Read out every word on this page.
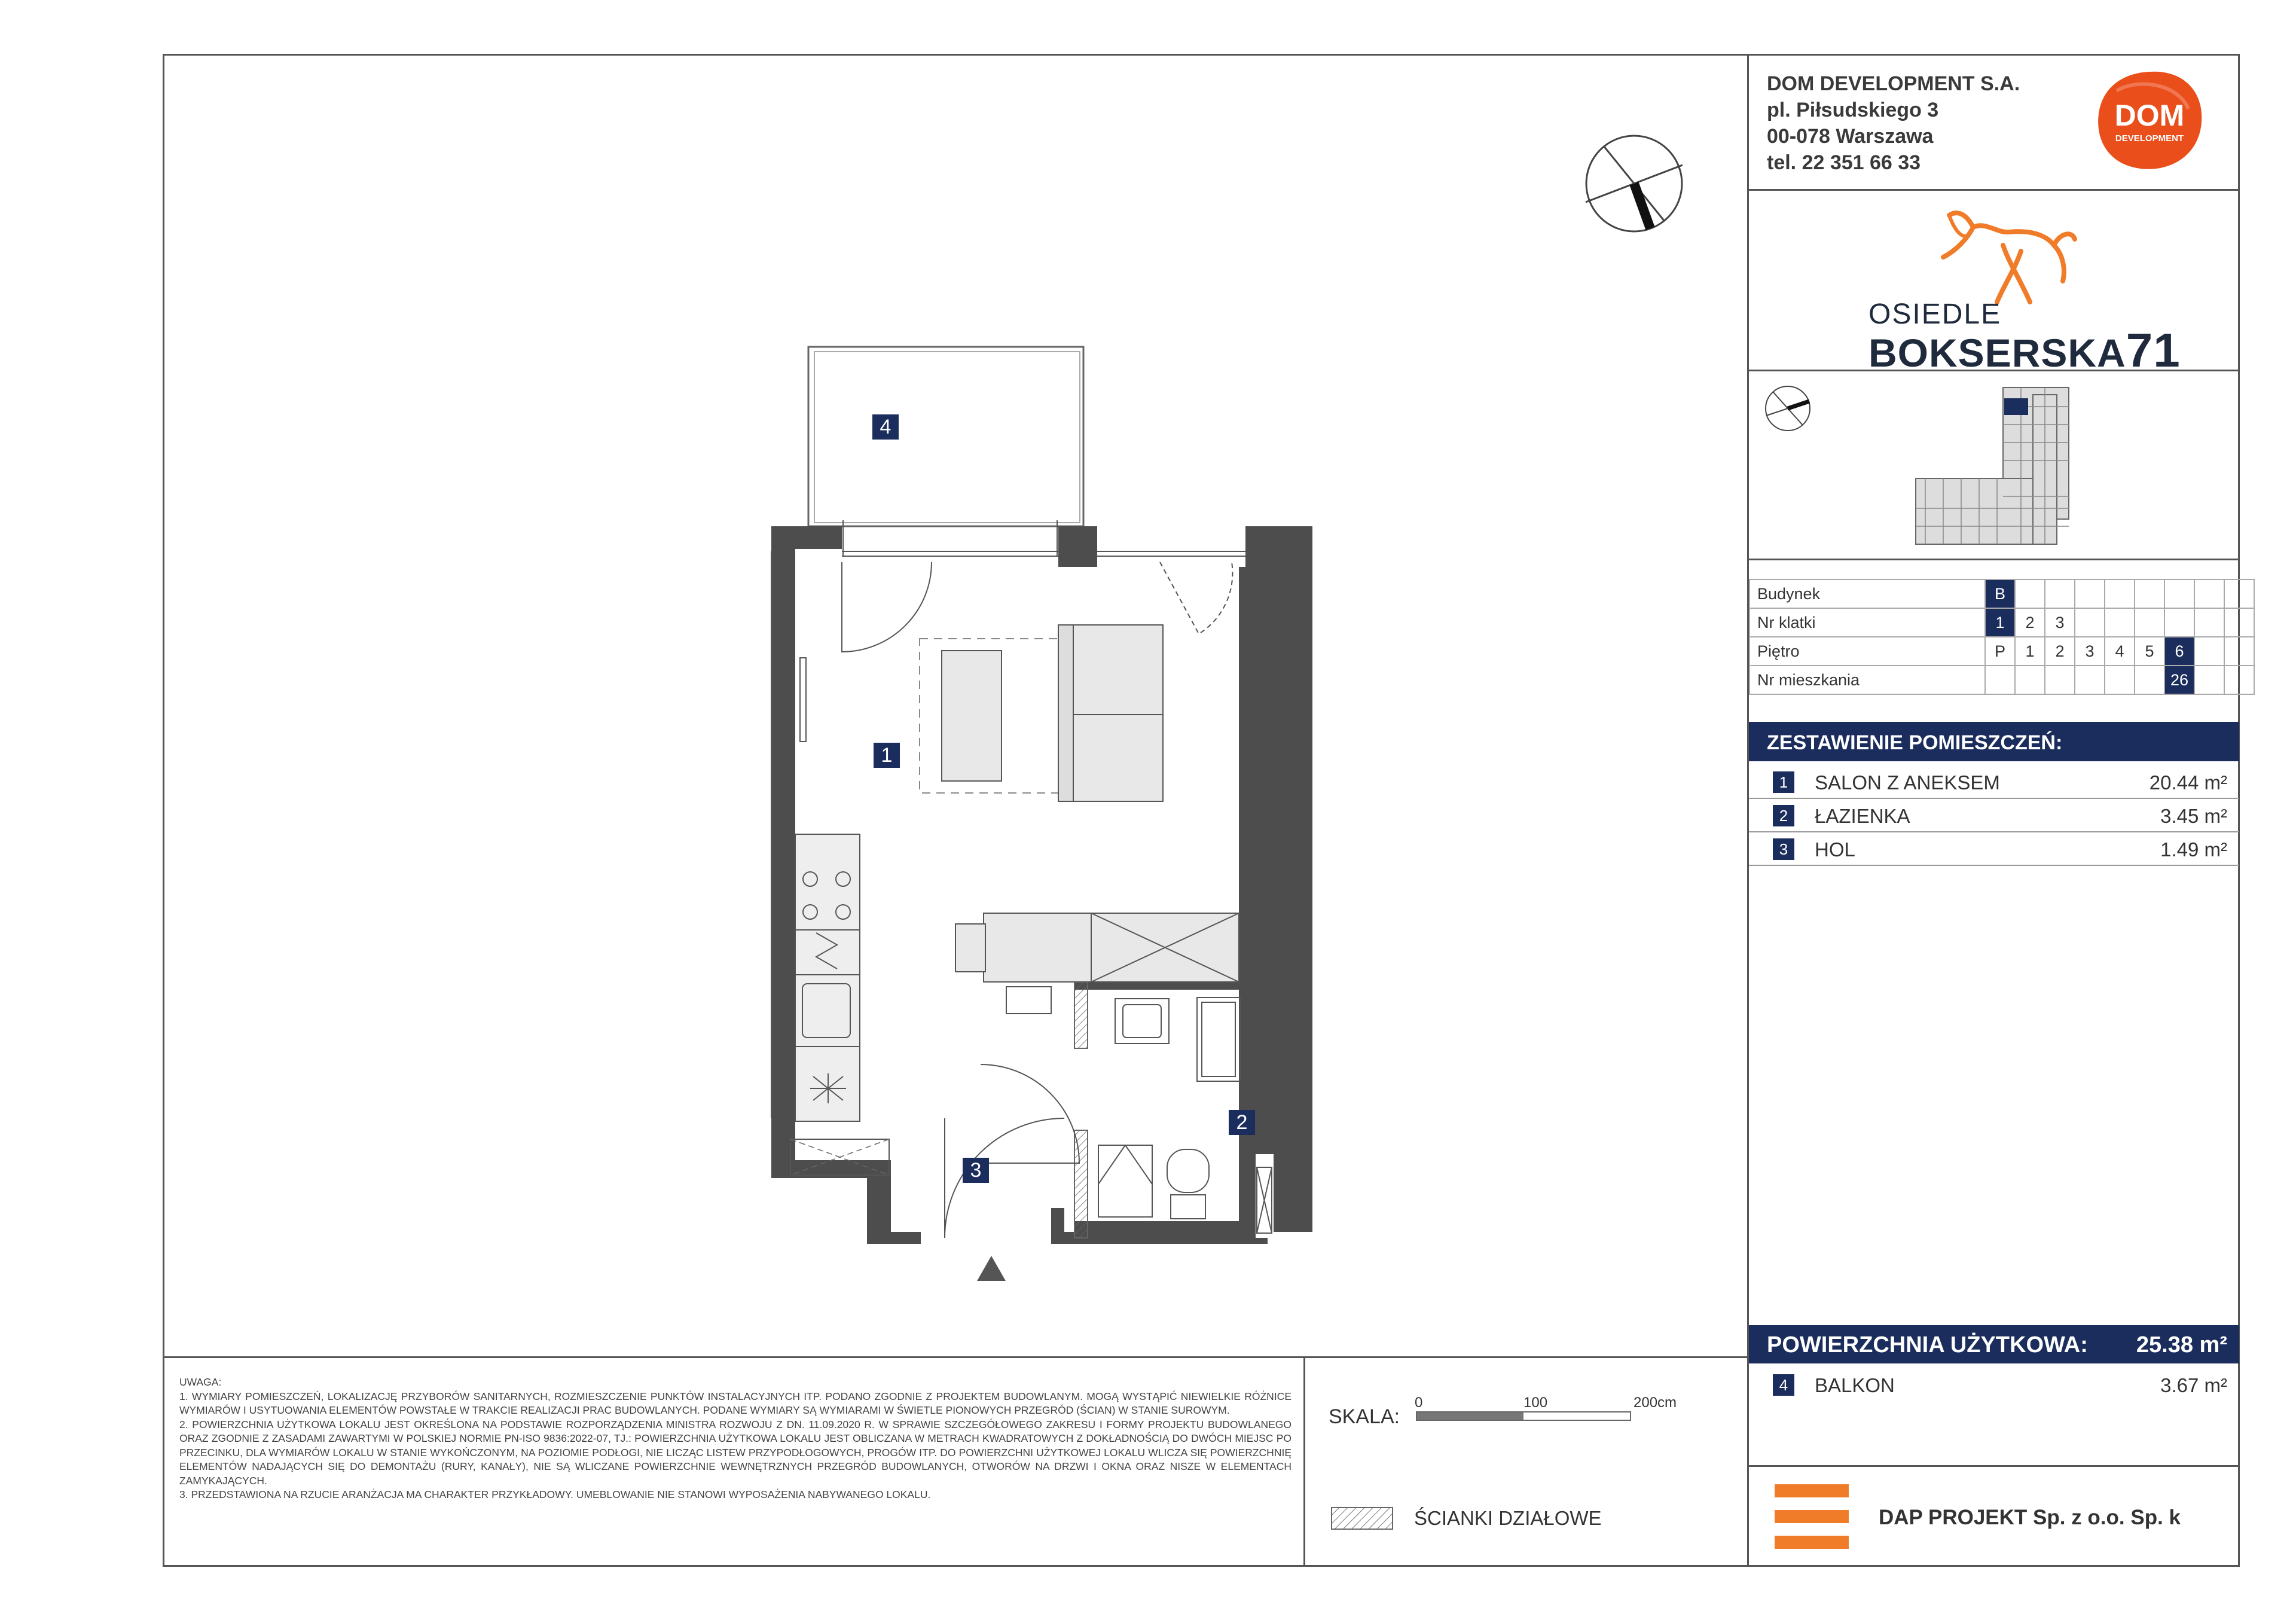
DOM DEVELOPMENT S.A.
pl. Piłsudskiego 3
00-078 Warszawa
tel. 22 351 66 33
DOM
DEVELOPMENT
OSIEDLE
BOKSERSKA71
Budynek	B								
Nr klatki	1	2	3						
Piętro	P	1	2	3	4	5	6		
Nr mieszkania							26		
ZESTAWIENIE POMIESZCZEŃ:
1	SALON Z ANEKSEM	20.44 m²
2	ŁAZIENKA	3.45 m²
3	HOL	1.49 m²
POWIERZCHNIA UŻYTKOWA: 25.38 m²
4	BALKON	3.67 m²
DAP PROJEKT Sp. z o.o. Sp. k
UWAGA:
1. WYMIARY POMIESZCZEŃ, LOKALIZACJĘ PRZYBORÓW SANITARNYCH, ROZMIESZCZENIE PUNKTÓW INSTALACYJNYCH ITP. PODANO ZGODNIE Z PROJEKTEM BUDOWLANYM. MOGĄ WYSTĄPIĆ NIEWIELKIE RÓŻNICE WYMIARÓW I USYTUOWANIA ELEMENTÓW POWSTAŁE W TRAKCIE REALIZACJI PRAC BUDOWLANYCH. PODANE WYMIARY SĄ WYMIARAMI W ŚWIETLE PIONOWYCH PRZEGRÓD (ŚCIAN) W STANIE SUROWYM.
2. POWIERZCHNIA UŻYTKOWA LOKALU JEST OKREŚLONA NA PODSTAWIE ROZPORZĄDZENIA MINISTRA ROZWOJU Z DN. 11.09.2020 R. W SPRAWIE SZCZEGÓŁOWEGO ZAKRESU I FORMY PROJEKTU BUDOWLANEGO ORAZ ZGODNIE Z ZASADAMI ZAWARTYMI W POLSKIEJ NORMIE PN-ISO 9836:2022-07, TJ.: POWIERZCHNIA UŻYTKOWA LOKALU JEST OBLICZANA W METRACH KWADRATOWYCH Z DOKŁADNOŚCIĄ DO DWÓCH MIEJSC PO PRZECINKU, DLA WYMIARÓW LOKALU W STANIE WYKOŃCZONYM, NA POZIOMIE PODŁOGI, NIE LICZĄC LISTEW PRZYPODŁOGOWYCH, PROGÓW ITP. DO POWIERZCHNI UŻYTKOWEJ LOKALU WLICZA SIĘ POWIERZCHNIĘ ELEMENTÓW NADAJĄCYCH SIĘ DO DEMONTAŻU (RURY, KANAŁY), NIE SĄ WLICZANE POWIERZCHNIE WEWNĘTRZNYCH PRZEGRÓD BUDOWLANYCH, OTWORÓW NA DRZWI I OKNA ORAZ NISZE W ELEMENTACH ZAMYKAJĄCYCH.
3. PRZEDSTAWIONA NA RZUCIE ARANŻACJA MA CHARAKTER PRZYKŁADOWY. UMEBLOWANIE NIE STANOWI WYPOSAŻENIA NABYWANEGO LOKALU.
SKALA:
0	100	200cm
ŚCIANKI DZIAŁOWE
4
1
2
3
